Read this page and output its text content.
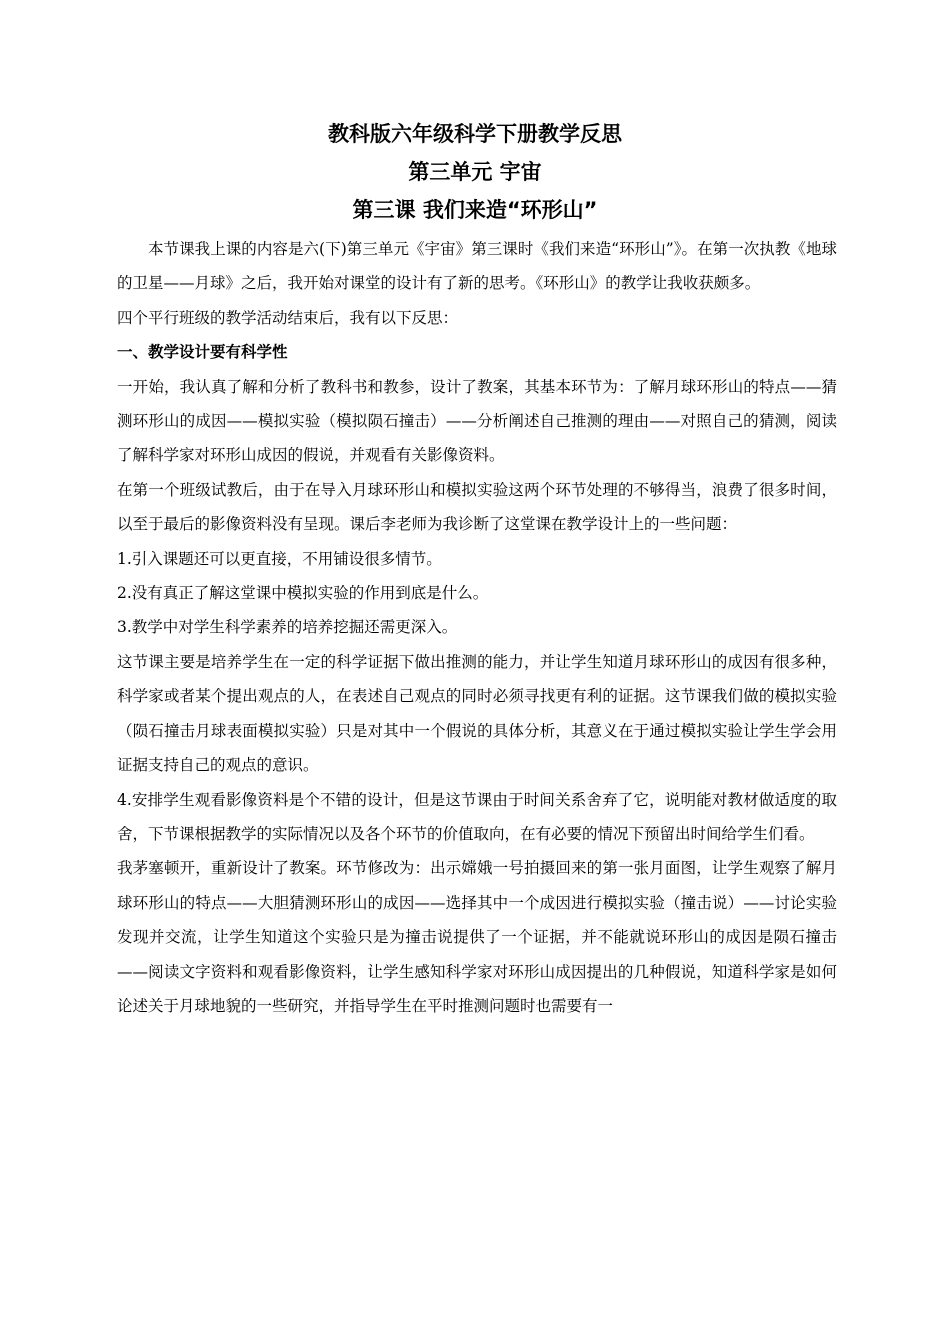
教科版六年级科学下册教学反思
第三单元 宇宙
第三课 我们来造“环形山”

本节课我上课的内容是六(下)第三单元《宇宙》第三课时《我们来造“环形山”》。在第一次执教《地球的卫星——月球》之后，我开始对课堂的设计有了新的思考。《环形山》的教学让我收获颇多。

四个平行班级的教学活动结束后，我有以下反思：

一、教学设计要有科学性

一开始，我认真了解和分析了教科书和教参，设计了教案，其基本环节为：了解月球环形山的特点——猜测环形山的成因——模拟实验（模拟陨石撞击）——分析阐述自己推测的理由——对照自己的猜测，阅读了解科学家对环形山成因的假说，并观看有关影像资料。

在第一个班级试教后，由于在导入月球环形山和模拟实验这两个环节处理的不够得当，浪费了很多时间，以至于最后的影像资料没有呈现。课后李老师为我诊断了这堂课在教学设计上的一些问题：

1.引入课题还可以更直接，不用铺设很多情节。

2.没有真正了解这堂课中模拟实验的作用到底是什么。

3.教学中对学生科学素养的培养挖掘还需更深入。

这节课主要是培养学生在一定的科学证据下做出推测的能力，并让学生知道月球环形山的成因有很多种，科学家或者某个提出观点的人，在表述自己观点的同时必须寻找更有利的证据。这节课我们做的模拟实验（陨石撞击月球表面模拟实验）只是对其中一个假说的具体分析，其意义在于通过模拟实验让学生学会用证据支持自己的观点的意识。

4.安排学生观看影像资料是个不错的设计，但是这节课由于时间关系舍弃了它，说明能对教材做适度的取舍，下节课根据教学的实际情况以及各个环节的价值取向，在有必要的情况下预留出时间给学生们看。

我茅塞顿开，重新设计了教案。环节修改为：出示嫦娥一号拍摄回来的第一张月面图，让学生观察了解月球环形山的特点——大胆猜测环形山的成因——选择其中一个成因进行模拟实验（撞击说）——讨论实验发现并交流，让学生知道这个实验只是为撞击说提供了一个证据，并不能就说环形山的成因是陨石撞击——阅读文字资料和观看影像资料，让学生感知科学家对环形山成因提出的几种假说，知道科学家是如何论述关于月球地貌的一些研究，并指导学生在平时推测问题时也需要有一
